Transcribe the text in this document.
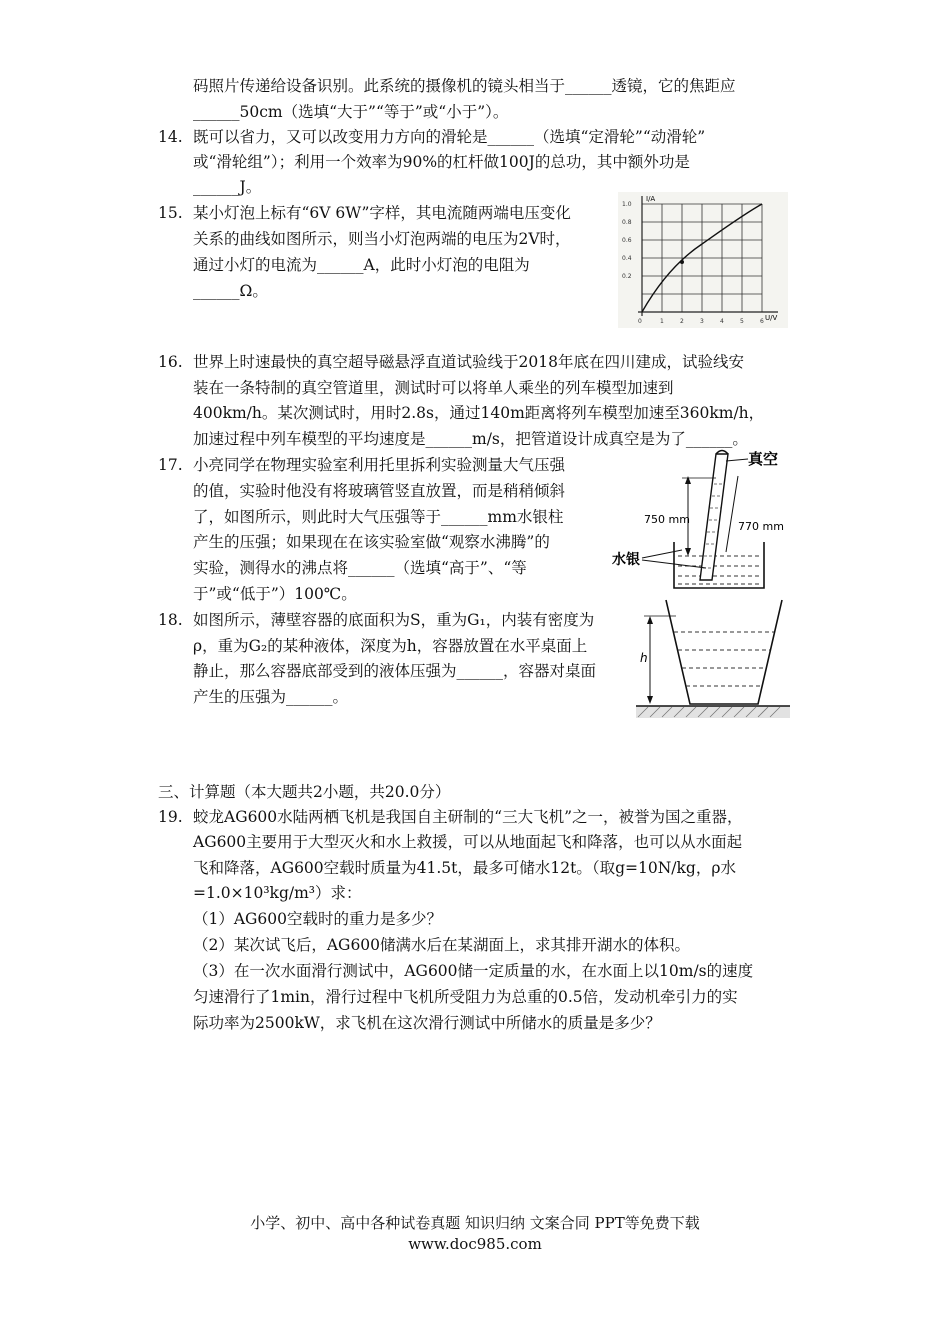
码照片传递给设备识别。此系统的摄像机的镜头相当于______透镜，它的焦距应
______50cm（选填“大于”“等于”或“小于”）。
14. 既可以省力，又可以改变用力方向的滑轮是______（选填“定滑轮”“动滑轮”
或“滑轮组”）；利用一个效率为90%的杠杆做100J的总功，其中额外功是
______J。
15. 某小灯泡上标有“6V 6W”字样，其电流随两端电压变化
关系的曲线如图所示，则当小灯泡两端的电压为2V时，
通过小灯的电流为______A，此时小灯泡的电阻为
______Ω。
I/A
U/V
1.0
0.8
0.6
0.4
0.2
0	1	2	3	4	5	6
16. 世界上时速最快的真空超导磁悬浮直道试验线于2018年底在四川建成，试验线安
装在一条特制的真空管道里，测试时可以将单人乘坐的列车模型加速到
400km/h。某次测试时，用时2.8s，通过140m距离将列车模型加速至360km/h，
加速过程中列车模型的平均速度是______m/s，把管道设计成真空是为了______。
17. 小亮同学在物理实验室利用托里拆利实验测量大气压强
的值，实验时他没有将玻璃管竖直放置，而是稍稍倾斜
了，如图所示，则此时大气压强等于______mm水银柱
产生的压强；如果现在在该实验室做“观察水沸腾”的
实验，测得水的沸点将______（选填“高于”、“等
于”或“低于”）100℃。
真空
750 mm
770 mm
水银
18. 如图所示，薄壁容器的底面积为S，重为G₁，内装有密度为
ρ，重为G₂的某种液体，深度为h，容器放置在水平桌面上
静止，那么容器底部受到的液体压强为______，容器对桌面
产生的压强为______。
h
三、计算题（本大题共2小题，共20.0分）
19. 蛟龙AG600水陆两栖飞机是我国自主研制的“三大飞机”之一，被誉为国之重器，
AG600主要用于大型灭火和水上救援，可以从地面起飞和降落，也可以从水面起
飞和降落，AG600空载时质量为41.5t，最多可储水12t。（取g=10N/kg，ρ水
=1.0×10³kg/m³）求：
（1）AG600空载时的重力是多少？
（2）某次试飞后，AG600储满水后在某湖面上，求其排开湖水的体积。
（3）在一次水面滑行测试中，AG600储一定质量的水，在水面上以10m/s的速度
匀速滑行了1min，滑行过程中飞机所受阻力为总重的0.5倍，发动机牵引力的实
际功率为2500kW，求飞机在这次滑行测试中所储水的质量是多少？
小学、初中、高中各种试卷真题 知识归纳 文案合同 PPT等免费下载
www.doc985.com
